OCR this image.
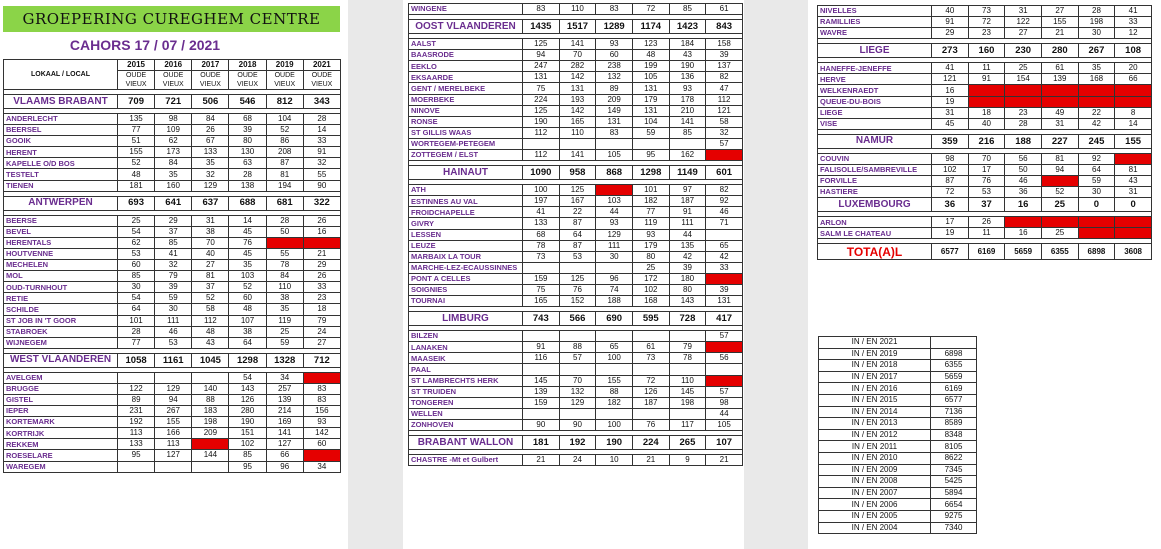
GROEPERING CUREGHEM CENTRE
CAHORS 17 / 07 / 2021
LOKAAL / LOCAL	2015	2016	2017	2018	2019	2021
	OUDE VIEUX	OUDE VIEUX	OUDE VIEUX	OUDE VIEUX	OUDE VIEUX	OUDE VIEUX

VLAAMS BRABANT	709	721	506	546	812	343

ANDERLECHT	135	98	84	68	104	28
BEERSEL	77	109	26	39	52	14
GOOIK	51	62	67	80	86	33
HERENT	155	173	133	130	208	91
KAPELLE O/D BOS	52	84	35	63	87	32
TESTELT	48	35	32	28	81	55
TIENEN	181	160	129	138	194	90

ANTWERPEN	693	641	637	688	681	322

BEERSE	25	29	31	14	28	26
BEVEL	54	37	38	45	50	16
HERENTALS	62	85	70	76		
HOUTVENNE	53	41	40	45	55	21
MECHELEN	60	32	27	35	78	29
MOL	85	79	81	103	84	26
OUD-TURNHOUT	30	39	37	52	110	33
RETIE	54	59	52	60	38	23
SCHILDE	64	30	58	48	35	18
ST JOB IN 'T GOOR	101	111	112	107	119	79
STABROEK	28	46	48	38	25	24
WIJNEGEM	77	53	43	64	59	27

WEST VLAANDEREN	1058	1161	1045	1298	1328	712

AVELGEM				54	34	
BRUGGE	122	129	140	143	257	83
GISTEL	89	94	88	126	139	83
IEPER	231	267	183	280	214	156
KORTEMARK	192	155	198	190	169	93
KORTRIJK	113	166	209	151	141	142
REKKEM	133	113		102	127	60
ROESELARE	95	127	144	85	66	
WAREGEM				95	96	34
WINGENE	83	110	83	72	85	61

OOST VLAANDEREN	1435	1517	1289	1174	1423	843

AALST	125	141	93	123	184	158
BAASRODE	94	70	60	48	43	39
EEKLO	247	282	238	199	190	137
EKSAARDE	131	142	132	105	136	82
GENT / MERELBEKE	75	131	89	131	93	47
MOERBEKE	224	193	209	179	178	112
NINOVE	125	142	149	131	210	121
RONSE	190	165	131	104	141	58
ST GILLIS WAAS	112	110	83	59	85	32
WORTEGEM-PETEGEM						57
ZOTTEGEM / ELST	112	141	105	95	162	

HAINAUT	1090	958	868	1298	1149	601

ATH	100	125		101	97	82
ESTINNES AU VAL	197	167	103	182	187	92
FROIDCHAPELLE	41	22	44	77	91	46
GIVRY	133	87	93	119	111	71
LESSEN	68	64	129	93	44	
LEUZE	78	87	111	179	135	65
MARBAIX LA TOUR	73	53	30	80	42	42
MARCHE-LEZ-ECAUSSINNES				25	39	33
PONT A CELLES	159	125	96	172	180	
SOIGNIES	75	76	74	102	80	39
TOURNAI	165	152	188	168	143	131

LIMBURG	743	566	690	595	728	417

BILZEN						57
LANAKEN	91	88	65	61	79	
MAASEIK	116	57	100	73	78	56
PAAL						
ST LAMBRECHTS HERK	145	70	155	72	110	
ST TRUIDEN	139	132	88	126	145	57
TONGEREN	159	129	182	187	198	98
WELLEN						44
ZONHOVEN	90	90	100	76	117	105

BRABANT WALLON	181	192	190	224	265	107

CHASTRE -Mt et Gulbert	21	24	10	21	9	21
NIVELLES	40	73	31	27	28	41
RAMILLIES	91	72	122	155	198	33
WAVRE	29	23	27	21	30	12

LIEGE	273	160	230	280	267	108

HANEFFE-JENEFFE	41	11	25	61	35	20
HERVE	121	91	154	139	168	66
WELKENRAEDT	16					
QUEUE-DU-BOIS	19					
LIEGE	31	18	23	49	22	8
VISE	45	40	28	31	42	14

NAMUR	359	216	188	227	245	155

COUVIN	98	70	56	81	92	
FALISOLLE/SAMBREVILLE	102	17	50	94	64	81
FORVILLE	87	76	46		59	43
HASTIERE	72	53	36	52	30	31
LUXEMBOURG	36	37	16	25	0	0

ARLON	17	26				
SALM LE CHATEAU	19	11	16	25		

TOTA(A)L	6577	6169	5659	6355	6898	3608
IN / EN 2021	
IN / EN 2019	6898
IN / EN 2018	6355
IN / EN 2017	5659
IN / EN 2016	6169
IN / EN 2015	6577
IN / EN 2014	7136
IN / EN 2013	8589
IN / EN 2012	8348
IN / EN 2011	8105
IN / EN 2010	8622
IN / EN 2009	7345
IN / EN 2008	5425
IN / EN 2007	5894
IN / EN 2006	6654
IN / EN 2005	9275
IN / EN 2004	7340
